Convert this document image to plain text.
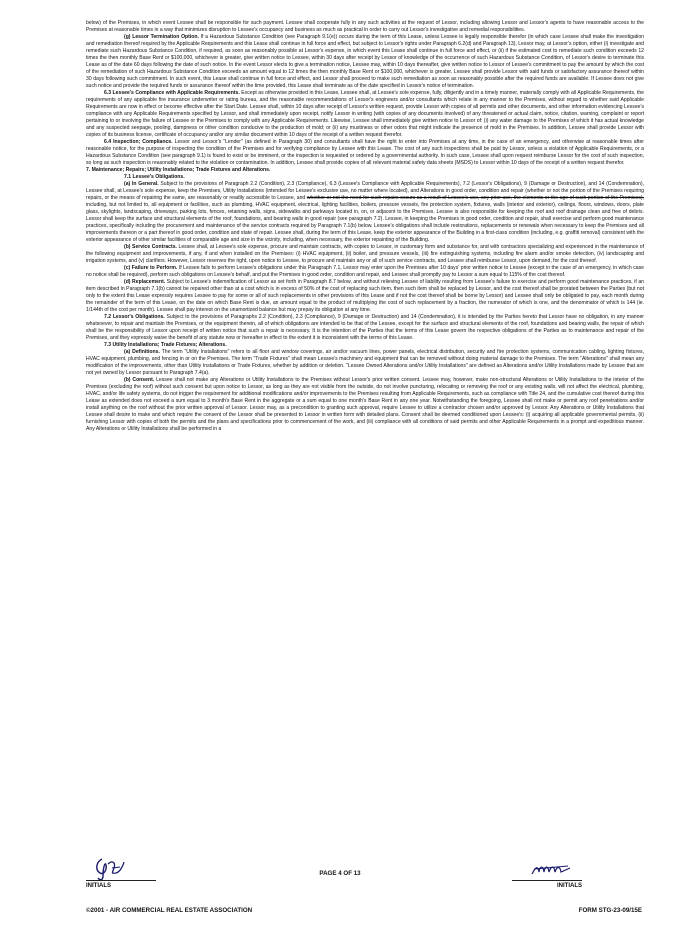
below) of the Premises, in which event Lessee shall be responsible for such payment. Lessee shall cooperate fully in any such activities at the request of Lessor, including allowing Lessor and Lessor's agents to have reasonable access to the Premises at reasonable times in a way that minimizes disruption to Lessee's occupancy and business as much as practical in order to carry out Lessor's investigative and remedial responsibilities.

(g) Lessor Termination Option. If a Hazardous Substance Condition (see Paragraph 9.1(e)) occurs during the term of this Lease, unless Lessee is legally responsible therefor (in which case Lessee shall make the investigation and remediation thereof required by the Applicable Requirements and this Lease shall continue in full force and effect, but subject to Lessor's rights under Paragraph 6.2(d) and Paragraph 13), Lessor may, at Lessor's option, either (i) investigate and remediate such Hazardous Substance Condition, if required, as soon as reasonably possible at Lessor's expense, in which event this Lease shall continue in full force and effect, or (ii) if the estimated cost to remediate such condition exceeds 12 times the then monthly Base Rent or $100,000, whichever is greater, give written notice to Lessee, within 30 days after receipt by Lessor of knowledge of the occurrence of such Hazardous Substance Condition, of Lessor's desire to terminate this Lease as of the date 60 days following the date of such notice. In the event Lessor elects to give a termination notice, Lessee may, within 10 days thereafter, give written notice to Lessor of Lessee's commitment to pay the amount by which the cost of the remediation of such Hazardous Substance Condition exceeds an amount equal to 12 times the then monthly Base Rent or $100,000, whichever is greater. Lessee shall provide Lessor with said funds or satisfactory assurance thereof within 30 days following such commitment. In such event, this Lease shall continue in full force and effect, and Lessor shall proceed to make such remediation as soon as reasonably possible after the required funds are available. If Lessee does not give such notice and provide the required funds or assurance thereof within the time provided, this Lease shall terminate as of the date specified in Lessor's notice of termination.

6.3 Lessee's Compliance with Applicable Requirements. Except as otherwise provided in this Lease, Lessee shall, at Lessee's sole expense, fully, diligently and in a timely manner, materially comply with all Applicable Requirements, the requirements of any applicable fire insurance underwriter or rating bureau, and the reasonable recommendations of Lessor's engineers and/or consultants which relate in any manner to the Premises, without regard to whether said Applicable Requirements are now in effect or become effective after the Start Date. Lessee shall, within 10 days after receipt of Lessor's written request, provide Lessor with copies of all permits and other documents, and other information evidencing Lessee's compliance with any Applicable Requirements specified by Lessor, and shall immediately upon receipt, notify Lessor in writing (with copies of any documents involved) of any threatened or actual claim, notice, citation, warning, complaint or report pertaining to or involving the failure of Lessee or the Premises to comply with any Applicable Requirements. Likewise, Lessee shall immediately give written notice to Lessor of: (i) any water damage to the Premises of which it has actual knowledge and any suspected seepage, pooling, dampness or other condition conducive to the production of mold; or (ii) any mustiness or other odors that might indicate the presence of mold in the Premises. In addition, Lessee shall provide Lessor with copies of its business license, certificate of occupancy and/or any similar document within 10 days of the receipt of a written request therefor.

6.4 Inspection; Compliance. Lessor and Lessor's "Lender" (as defined in Paragraph 30) and consultants shall have the right to enter into Premises at any time, in the case of an emergency, and otherwise at reasonable times after reasonable notice, for the purpose of inspecting the condition of the Premises and for verifying compliance by Lessee with this Lease. The cost of any such inspections shall be paid by Lessor, unless a violation of Applicable Requirements, or a Hazardous Substance Condition (see paragraph 9.1) is found to exist or be imminent, or the inspection is requested or ordered by a governmental authority. In such case, Lessee shall upon request reimburse Lessor for the cost of such inspection, so long as such inspection is reasonably related to the violation or contamination. In addition, Lessee shall provide copies of all relevant material safety data sheets (MSDS) to Lessor within 10 days of the receipt of a written request therefor.

7. Maintenance; Repairs; Utility Installations; Trade Fixtures and Alterations.

7.1 Lessee's Obligations.

(a) In General. Subject to the provisions of Paragraph 2.2 (Condition), 2.3 (Compliance), 6.3 (Lessee's Compliance with Applicable Requirements), 7.2 (Lessor's Obligations), 9 (Damage or Destruction), and 14 (Condemnation), Lessee shall, at Lessee's sole expense, keep the Premises, Utility Installations (intended for Lessee's exclusive use, no matter where located), and Alterations in good order, condition and repair (whether or not the portion of the Premises requiring repairs, or the means of repairing the same, are reasonably or readily accessible to Lessee, and whether or not the need for such repairs occurs as a result of Lessee's use, any prior use, the elements or the age of such portion of the Premises), including, but not limited to, all equipment or facilities, such as plumbing, HVAC equipment, electrical, lighting facilities, boilers, pressure vessels, fire protection system, fixtures, walls (interior and exterior), ceilings, floors, windows, doors, plate glass, skylights, landscaping, driveways, parking lots, fences, retaining walls, signs, sidewalks and parkways located in, on, or adjacent to the Premises. Lessee is also responsible for keeping the roof and roof drainage clean and free of debris. Lessor shall keep the surface and structural elements of the roof, foundations, and bearing walls in good repair (see paragraph 7.2). Lessee, in keeping the Premises in good order, condition and repair, shall exercise and perform good maintenance practices, specifically including the procurement and maintenance of the service contracts required by Paragraph 7.1(b) below. Lessee's obligations shall include restorations, replacements or renewals when necessary to keep the Premises and all improvements thereon or a part thereof in good order, condition and state of repair. Lessee shall, during the term of this Lease, keep the exterior appearance of the Building in a first-class condition (including, e.g. graffiti removal) consistent with the exterior appearance of other similar facilities of comparable age and size in the vicinity, including, when necessary, the exterior repainting of the Building.

(b) Service Contracts. Lessee shall, at Lessee's sole expense, procure and maintain contracts, with copies to Lessor, in customary form and substance for, and with contractors specializing and experienced in the maintenance of the following equipment and improvements, if any, if and when installed on the Premises: (i) HVAC equipment, (ii) boiler, and pressure vessels, (iii) fire extinguishing systems, including fire alarm and/or smoke detection, (iv) landscaping and irrigation systems, and (v) clarifiers. However, Lessor reserves the right, upon notice to Lessee, to procure and maintain any or all of such service contracts, and Lessee shall reimburse Lessor, upon demand, for the cost thereof.

(c) Failure to Perform. If Lessee fails to perform Lessee's obligations under this Paragraph 7.1, Lessor may enter upon the Premises after 10 days' prior written notice to Lessee (except in the case of an emergency, in which case no notice shall be required), perform such obligations on Lessee's behalf, and put the Premises in good order, condition and repair, and Lessee shall promptly pay to Lessor a sum equal to 115% of the cost thereof.

(d) Replacement. Subject to Lessee's indemnification of Lessor as set forth in Paragraph 8.7 below, and without relieving Lessee of liability resulting from Lessee's failure to exercise and perform good maintenance practices, if an item described in Paragraph 7.1(b) cannot be repaired other than at a cost which is in excess of 50% of the cost of replacing such item, then such item shall be replaced by Lessor, and the cost thereof shall be prorated between the Parties (but not only to the extent this Lease expressly requires Lessee to pay for some or all of such replacements in other provisions of this Lease and if not the cost thereof shall be borne by Lessor) and Lessee shall only be obligated to pay, each month during the remainder of the term of this Lease, on the date on which Base Rent is due, an amount equal to the product of multiplying the cost of such replacement by a fraction, the numerator of which is one, and the denominator of which is 144 (ie. 1/144th of the cost per month). Lessee shall pay interest on the unamortized balance but may prepay its obligation at any time.

7.2 Lessor's Obligations. Subject to the provisions of Paragraphs 2.2 (Condition), 2.3 (Compliance), 9 (Damage or Destruction) and 14 (Condemnation), it is intended by the Parties hereto that Lessor have no obligation, in any manner whatsoever, to repair and maintain the Premises, or the equipment therein, all of which obligations are intended to be that of the Lessee, except for the surface and structural elements of the roof, foundations and bearing walls, the repair of which shall be the responsibility of Lessor upon receipt of written notice that such a repair is necessary. It is the intention of the Parties that the terms of this Lease govern the respective obligations of the Parties as to maintenance and repair of the Premises, and they expressly waive the benefit of any statute now or hereafter in effect to the extent it is inconsistent with the terms of this Lease.

7.3 Utility Installations; Trade Fixtures; Alterations.

(a) Definitions. The term "Utility Installations" refers to all floor and window coverings, air and/or vacuum lines, power panels, electrical distribution, security and fire protection systems, communication cabling, lighting fixtures, HVAC equipment, plumbing, and fencing in or on the Premises. The term "Trade Fixtures" shall mean Lessee's machinery and equipment that can be removed without doing material damage to the Premises. The term "Alterations" shall mean any modification of the improvements, other than Utility Installations or Trade Fixtures, whether by addition or deletion. "Lessee Owned Alterations and/or Utility Installations" are defined as Alterations and/or Utility Installations made by Lessee that are not yet owned by Lessor pursuant to Paragraph 7.4(a).

(b) Consent. Lessee shall not make any Alterations or Utility Installations to the Premises without Lessor's prior written consent. Lessee may, however, make non-structural Alterations or Utility Installations to the interior of the Premises (excluding the roof) without such consent but upon notice to Lessor, as long as they are not visible from the outside, do not involve puncturing, relocating or removing the roof or any existing walls, will not affect the electrical, plumbing, HVAC, and/or life safety systems, do not trigger the requirement for additional modifications and/or improvements to the Premises resulting from Applicable Requirements, such as compliance with Title 24, and the cumulative cost thereof during this Lease as extended does not exceed a sum equal to 3 month's Base Rent in the aggregate or a sum equal to one month's Base Rent in any one year. Notwithstanding the foregoing, Lessee shall not make or permit any roof penetrations and/or install anything on the roof without the prior written approval of Lessor. Lessor may, as a precondition to granting such approval, require Lessee to utilize a contractor chosen and/or approved by Lessor. Any Alterations or Utility Installations that Lessee shall desire to make and which require the consent of the Lessor shall be presented to Lessor in written form with detailed plans. Consent shall be deemed conditioned upon Lessee's: (i) acquiring all applicable governmental permits, (ii) furnishing Lessor with copies of both the permits and the plans and specifications prior to commencement of the work, and (iii) compliance with all conditions of said permits and other Applicable Requirements in a prompt and expeditious manner. Any Alterations or Utility Installations shall be performed in a

INITIALS
PAGE 4 OF 13
INITIALS
©2001 - AIR COMMERCIAL REAL ESTATE ASSOCIATION	FORM STG-23-09/15E
